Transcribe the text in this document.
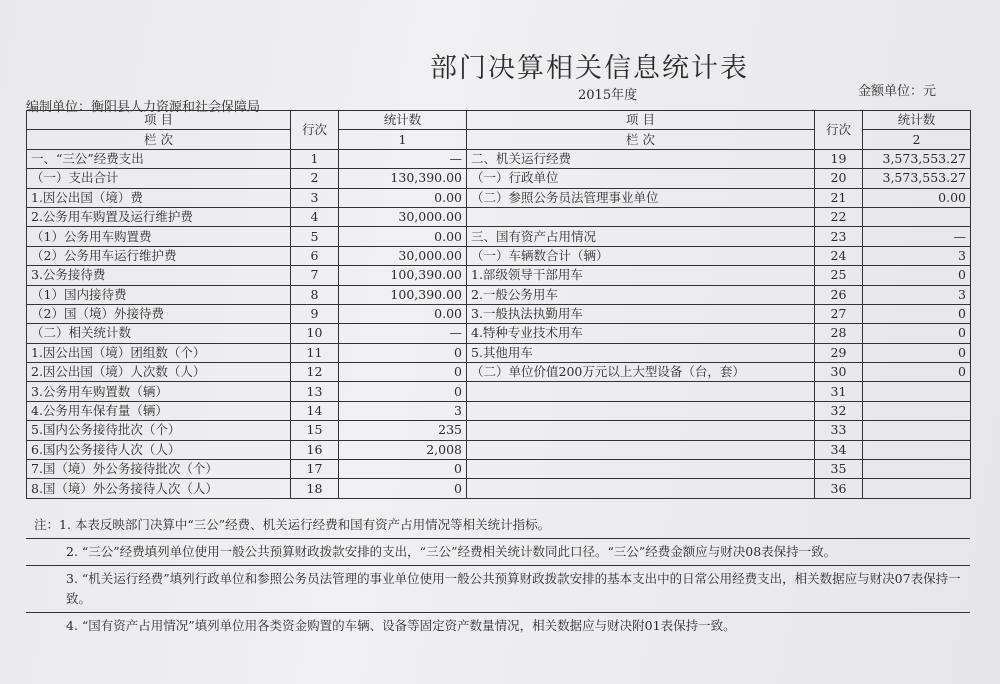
部门决算相关信息统计表
2015年度	金额单位：元
编制单位：衡阳县人力资源和社会保障局
项 目	行次	统计数	项 目	行次	统计数
栏 次		1	栏 次		2
一、“三公”经费支出	1	—	二、机关运行经费	19	3,573,553.27
（一）支出合计	2	130,390.00	（一）行政单位	20	3,573,553.27
1.因公出国（境）费	3	0.00	（二）参照公务员法管理事业单位	21	0.00
2.公务用车购置及运行维护费	4	30,000.00		22	
（1）公务用车购置费	5	0.00	三、国有资产占用情况	23	—
（2）公务用车运行维护费	6	30,000.00	（一）车辆数合计（辆）	24	3
3.公务接待费	7	100,390.00	1.部级领导干部用车	25	0
（1）国内接待费	8	100,390.00	2.一般公务用车	26	3
（2）国（境）外接待费	9	0.00	3.一般执法执勤用车	27	0
（二）相关统计数	10	—	4.特种专业技术用车	28	0
1.因公出国（境）团组数（个）	11	0	5.其他用车	29	0
2.因公出国（境）人次数（人）	12	0	（二）单位价值200万元以上大型设备（台，套）	30	0
3.公务用车购置数（辆）	13	0		31	
4.公务用车保有量（辆）	14	3		32	
5.国内公务接待批次（个）	15	235		33	
6.国内公务接待人次（人）	16	2,008		34	
7.国（境）外公务接待批次（个）	17	0		35	
8.国（境）外公务接待人次（人）	18	0		36	
注：1. 本表反映部门决算中“三公”经费、机关运行经费和国有资产占用情况等相关统计指标。
2. “三公”经费填列单位使用一般公共预算财政拨款安排的支出，“三公”经费相关统计数同此口径。“三公”经费金额应与财决08表保持一致。
3. “机关运行经费”填列行政单位和参照公务员法管理的事业单位使用一般公共预算财政拨款安排的基本支出中的日常公用经费支出，相关数据应与财决07表保持一致。
4. “国有资产占用情况”填列单位用各类资金购置的车辆、设备等固定资产数量情况，相关数据应与财决附01表保持一致。
